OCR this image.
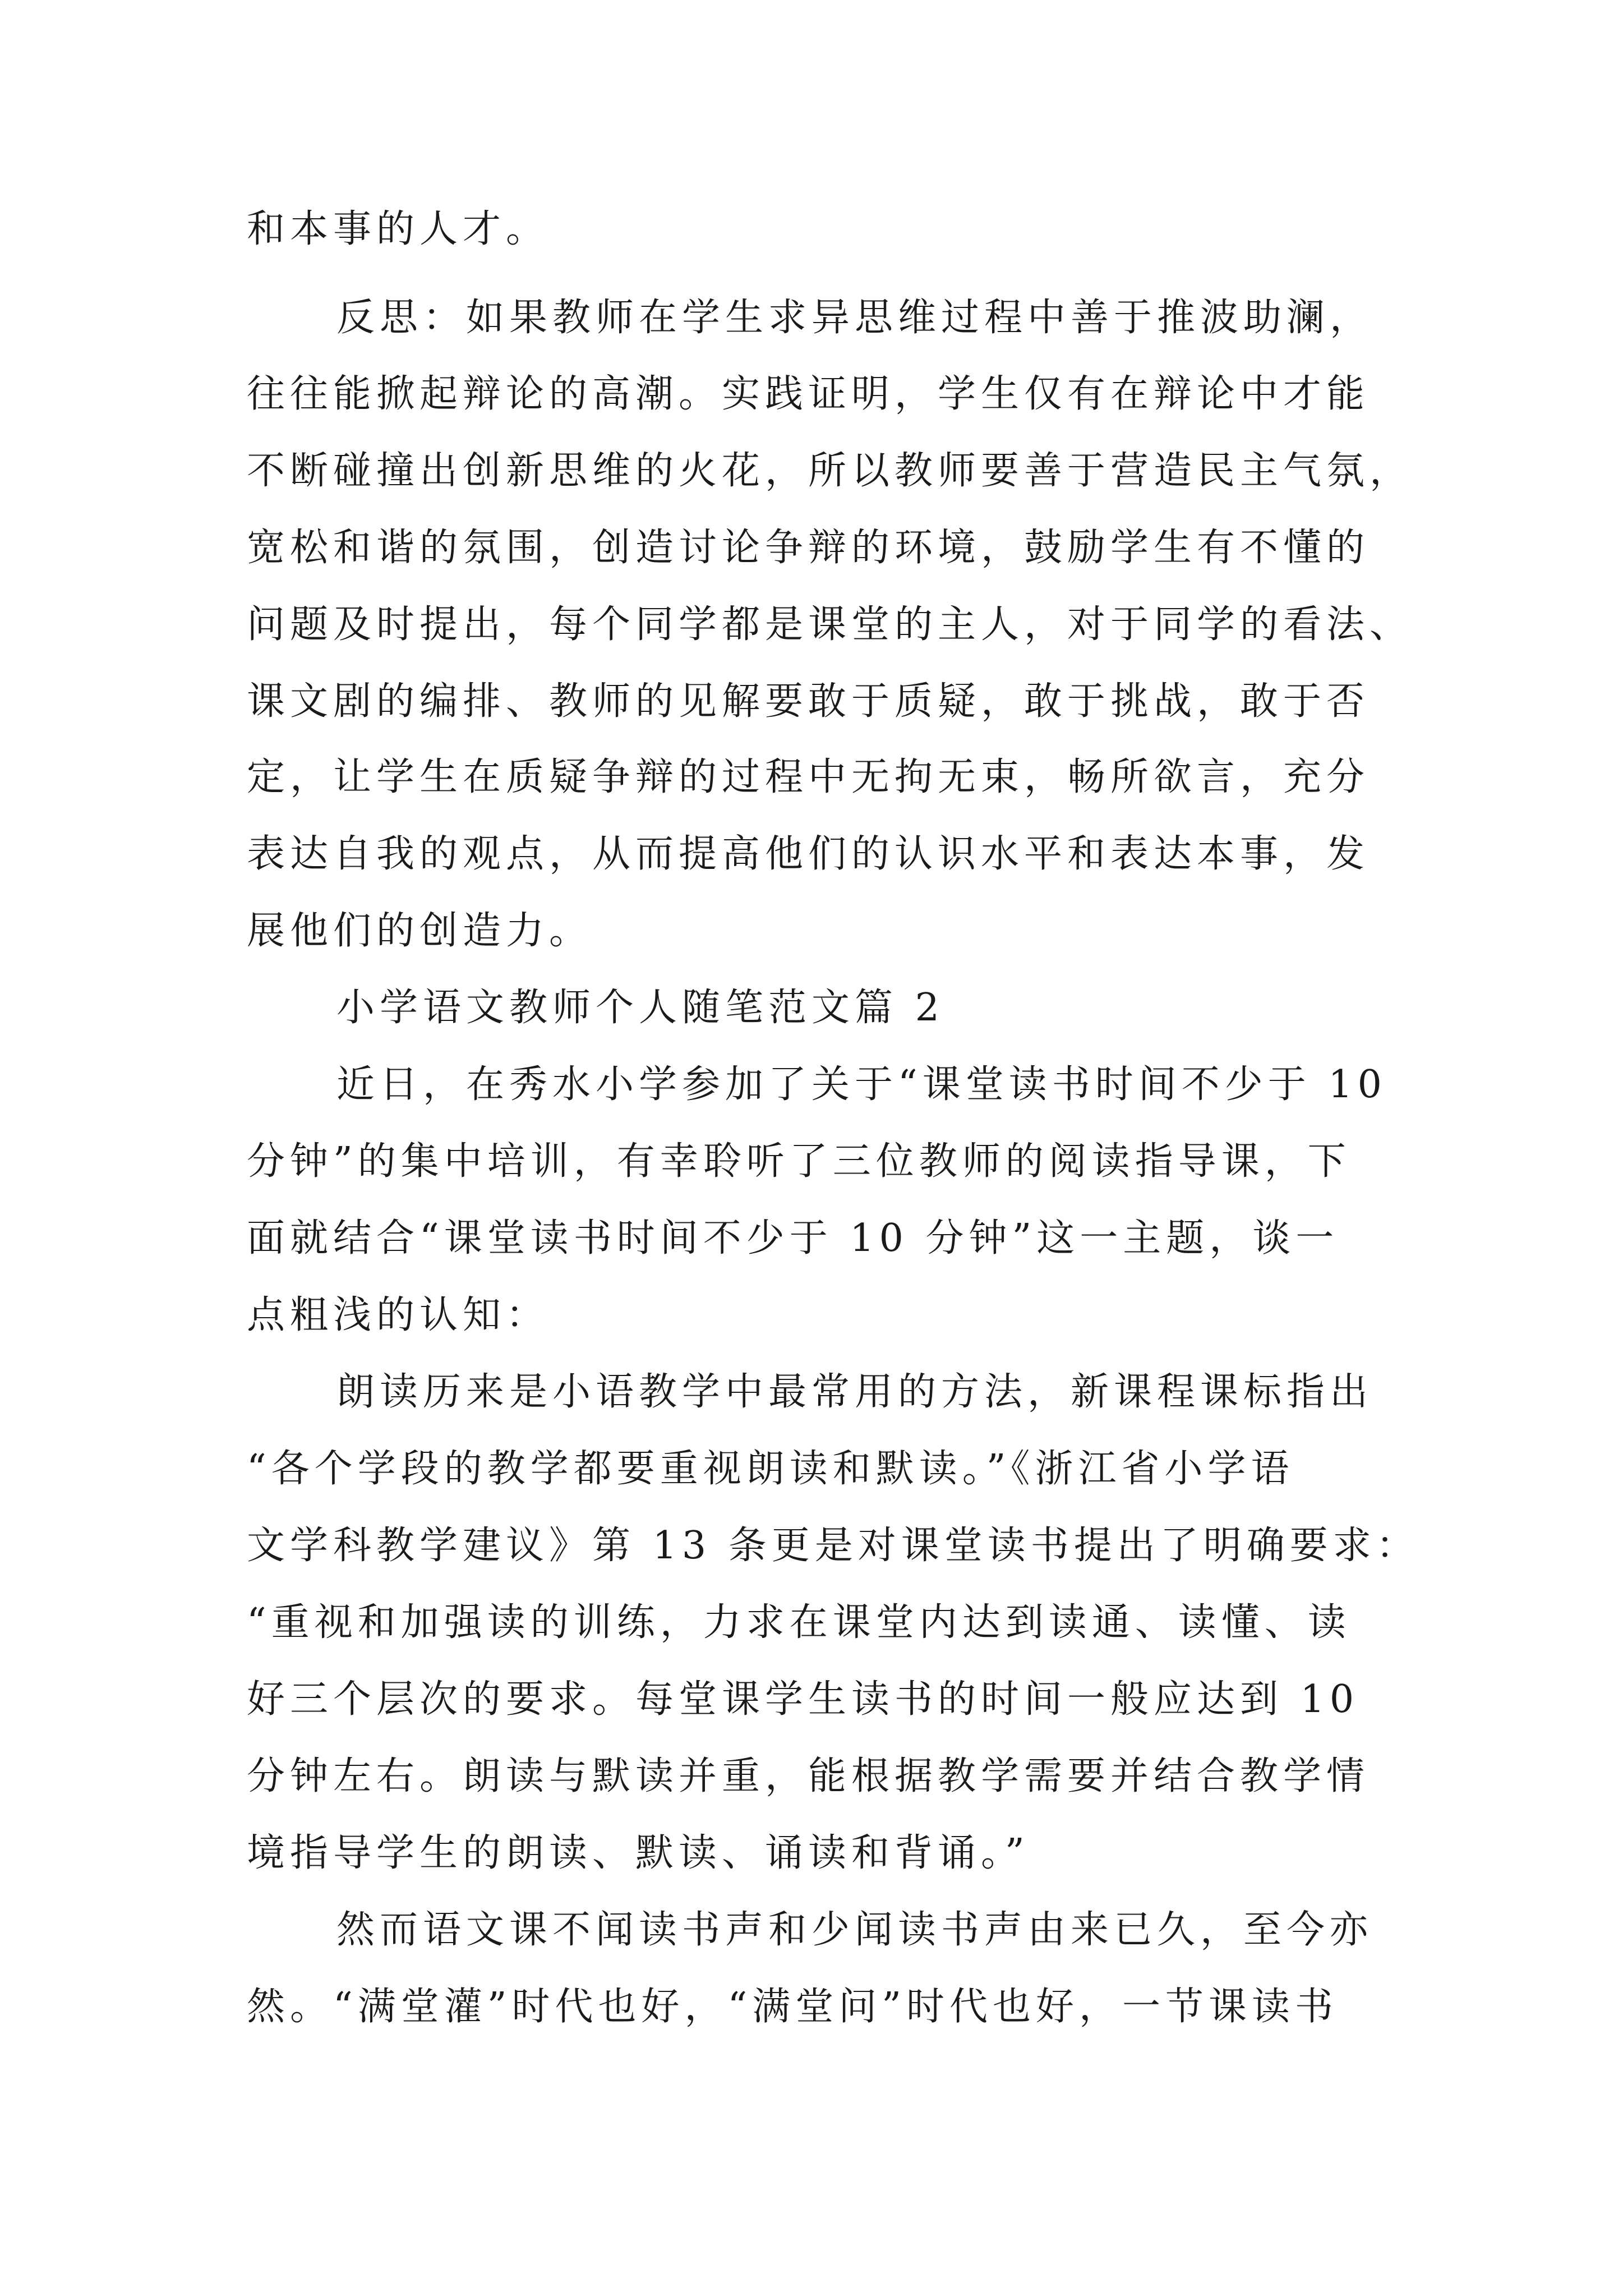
和本事的人才。
反思：如果教师在学生求异思维过程中善于推波助澜，
往往能掀起辩论的高潮。实践证明，学生仅有在辩论中才能
不断碰撞出创新思维的火花，所以教师要善于营造民主气氛，
宽松和谐的氛围，创造讨论争辩的环境，鼓励学生有不懂的
问题及时提出，每个同学都是课堂的主人，对于同学的看法、
课文剧的编排、教师的见解要敢于质疑，敢于挑战，敢于否
定，让学生在质疑争辩的过程中无拘无束，畅所欲言，充分
表达自我的观点，从而提高他们的认识水平和表达本事，发
展他们的创造力。
小学语文教师个人随笔范文篇 2
近日，在秀水小学参加了关于“课堂读书时间不少于 10
分钟”的集中培训，有幸聆听了三位教师的阅读指导课，下
面就结合“课堂读书时间不少于 10 分钟”这一主题，谈一
点粗浅的认知：
朗读历来是小语教学中最常用的方法，新课程课标指出
“各个学段的教学都要重视朗读和默读。”《浙江省小学语
文学科教学建议》第 13 条更是对课堂读书提出了明确要求：
“重视和加强读的训练，力求在课堂内达到读通、读懂、读
好三个层次的要求。每堂课学生读书的时间一般应达到 10
分钟左右。朗读与默读并重，能根据教学需要并结合教学情
境指导学生的朗读、默读、诵读和背诵。”
然而语文课不闻读书声和少闻读书声由来已久，至今亦
然。“满堂灌”时代也好，“满堂问”时代也好，一节课读书
